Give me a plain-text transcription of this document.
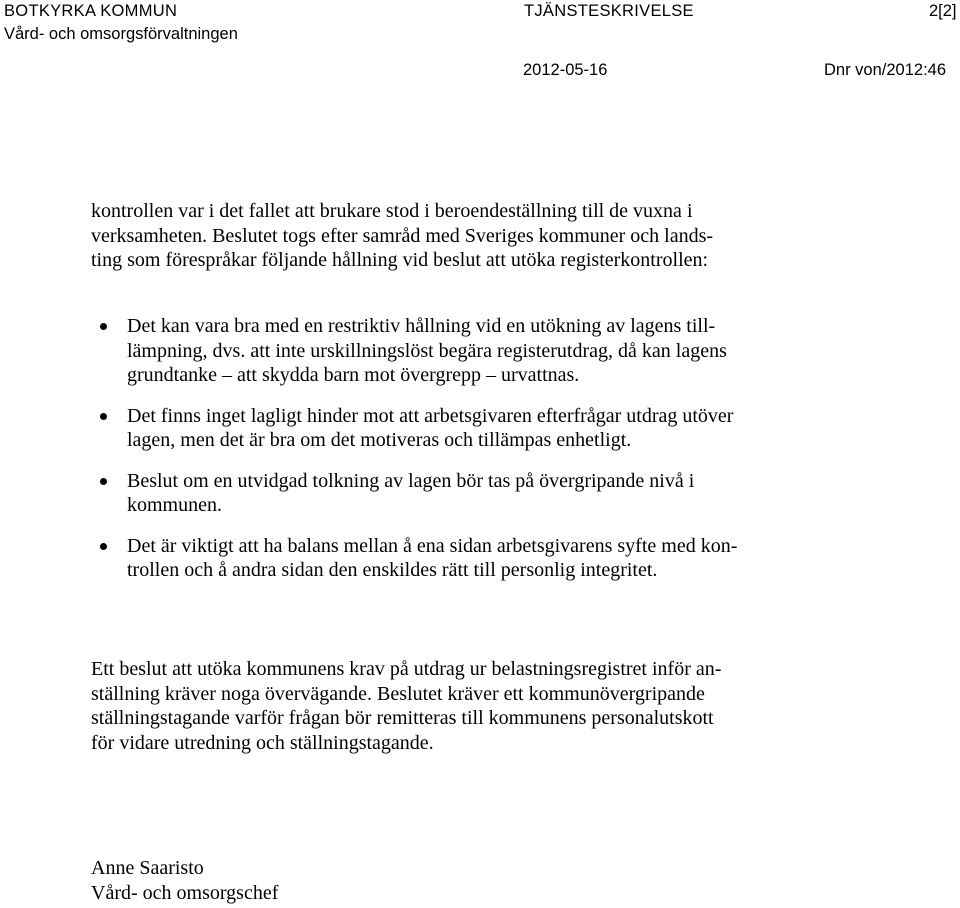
BOTKYRKA KOMMUN
Vård- och omsorgsförvaltningen
TJÄNSTESKRIVELSE	2[2]
2012-05-16	Dnr von/2012:46
kontrollen var i det fallet att brukare stod i beroendeställning till de vuxna i
verksamheten. Beslutet togs efter samråd med Sveriges kommuner och lands-
ting som förespråkar följande hållning vid beslut att utöka registerkontrollen:
Det kan vara bra med en restriktiv hållning vid en utökning av lagens till-
lämpning, dvs. att inte urskillningslöst begära registerutdrag, då kan lagens
grundtanke – att skydda barn mot övergrepp – urvattnas.
Det finns inget lagligt hinder mot att arbetsgivaren efterfrågar utdrag utöver
lagen, men det är bra om det motiveras och tillämpas enhetligt.
Beslut om en utvidgad tolkning av lagen bör tas på övergripande nivå i
kommunen.
Det är viktigt att ha balans mellan å ena sidan arbetsgivarens syfte med kon-
trollen och å andra sidan den enskildes rätt till personlig integritet.
Ett beslut att utöka kommunens krav på utdrag ur belastningsregistret inför an-
ställning kräver noga övervägande. Beslutet kräver ett kommunövergripande
ställningstagande varför frågan bör remitteras till kommunens personalutskott
för vidare utredning och ställningstagande.
Anne Saaristo
Vård- och omsorgschef
